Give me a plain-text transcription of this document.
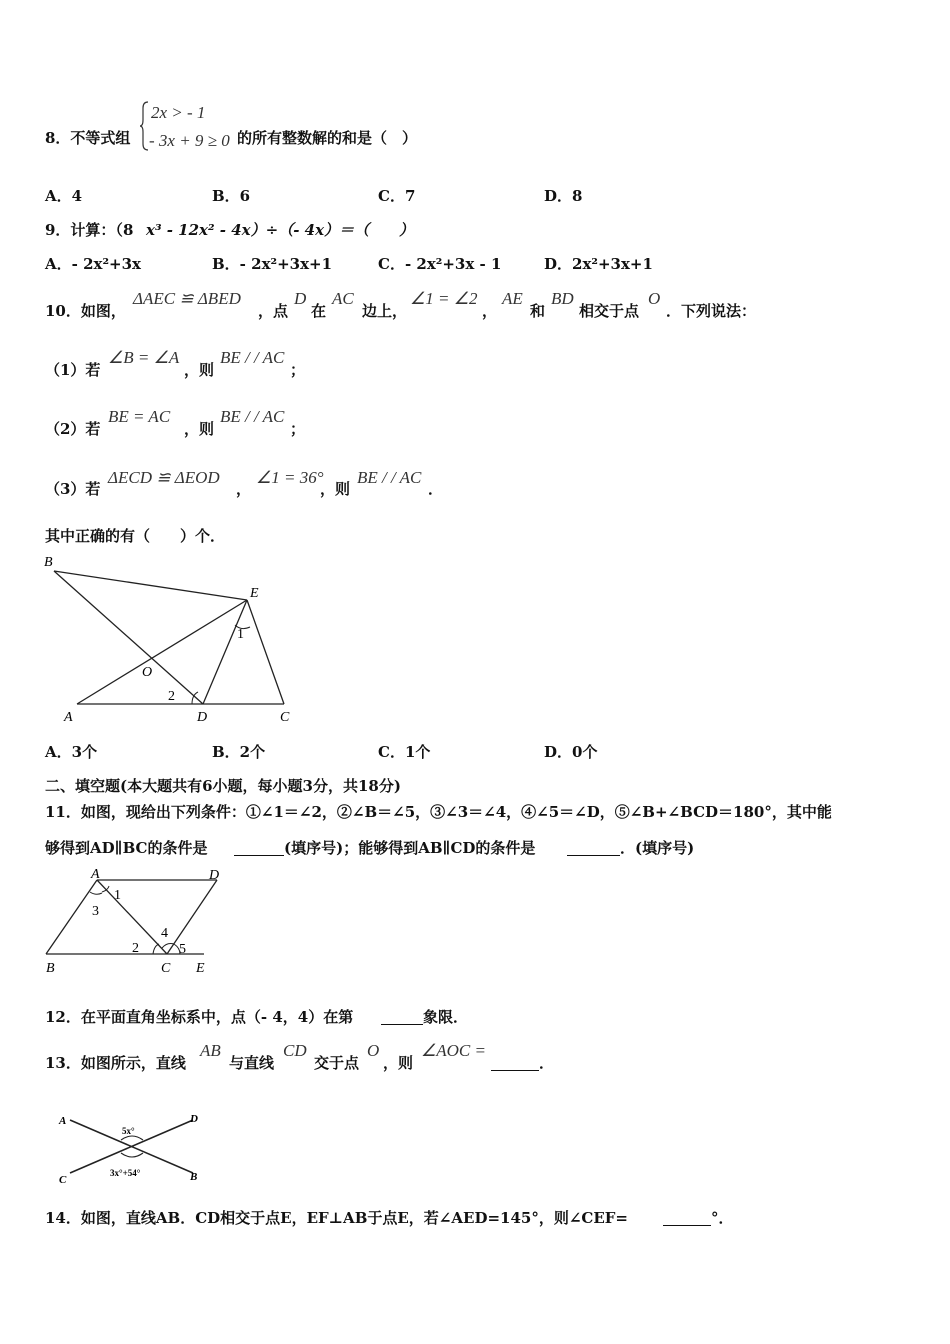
8．不等式组
2x > - 1
- 3x + 9 ≥ 0 的所有整数解的和是（　）
A．4	B．6	C．7	D．8
9．计算：（8 x³ - 12x² - 4x）÷（- 4x）＝（　　）
A．- 2x²+3x	B．- 2x²+3x+1	C．- 2x²+3x - 1	D．2x²+3x+1
10．如图，
ΔAEC ≌ ΔBED
，点
D
在
AC
边上，
∠1 = ∠2
，
AE
和
BD
相交于点
O
．下列说法：
（1）若
∠B = ∠A
，则
BE / / AC
；
（2）若
BE = AC
，则
BE / / AC
；
（3）若
ΔECD ≌ ΔEOD
，
∠1 = 36°
，则
BE / / AC
．
其中正确的有（　　）个．
B
E
O
A	D	C
1
2
A．3个	B．2个	C．1个	D．0个
二、填空题(本大题共有6小题，每小题3分，共18分)
11．如图，现给出下列条件：①∠1＝∠2，②∠B＝∠5，③∠3＝∠4，④∠5＝∠D，⑤∠B+∠BCD＝180°，其中能
够得到AD∥BC的条件是	(填序号)；能够得到AB∥CD的条件是	．(填序号)
A	D
B	C E
1
3
2
4
5
12．在平面直角坐标系中，点（- 4，4）在第	象限．
13．如图所示，直线
AB
与直线
CD
交于点
O
，则
∠AOC =
．
A	D
C	B
5x°
3x°+54°
14．如图，直线AB．CD相交于点E，EF⊥AB于点E，若∠AED=145°，则∠CEF=	°．
